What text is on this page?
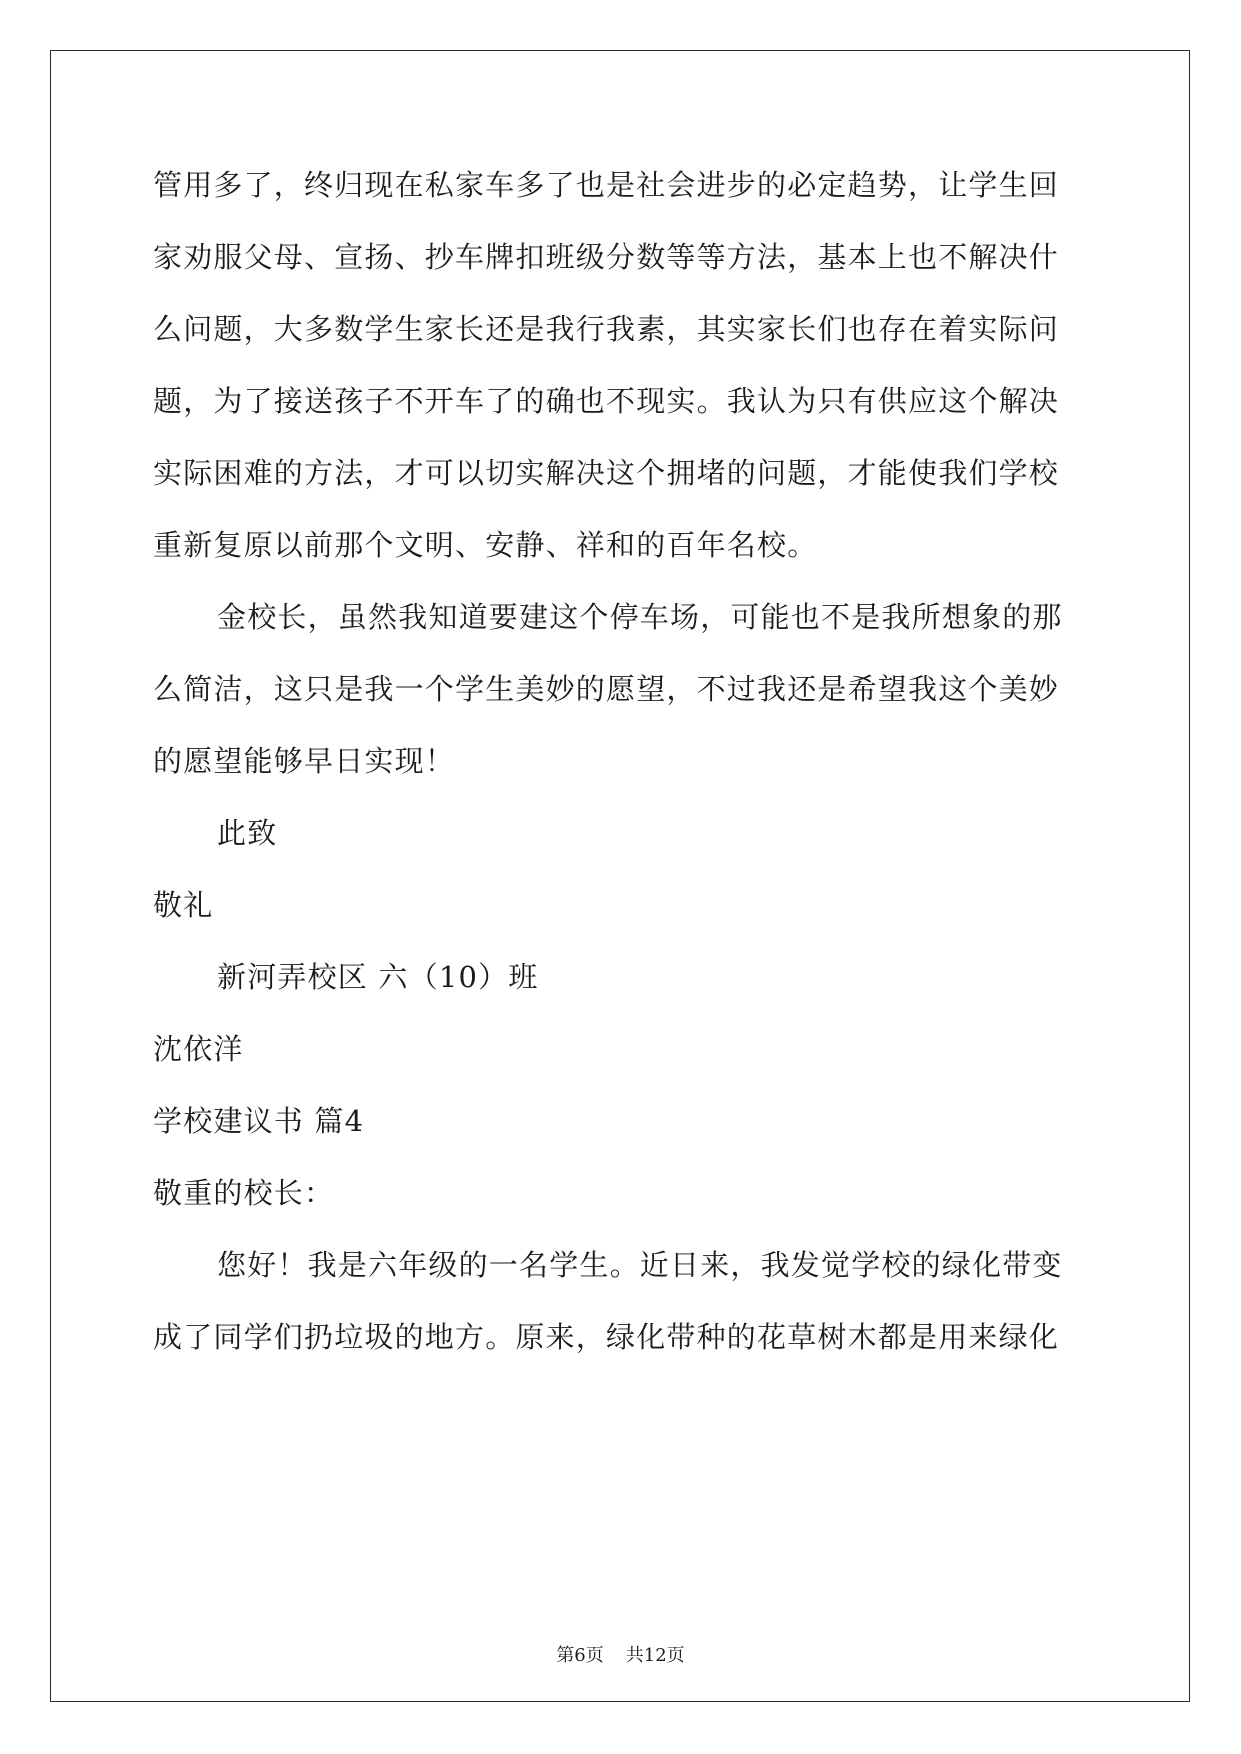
管用多了，终归现在私家车多了也是社会进步的必定趋势，让学生回
家劝服父母、宣扬、抄车牌扣班级分数等等方法，基本上也不解决什
么问题，大多数学生家长还是我行我素，其实家长们也存在着实际问
题，为了接送孩子不开车了的确也不现实。我认为只有供应这个解决
实际困难的方法，才可以切实解决这个拥堵的问题，才能使我们学校
重新复原以前那个文明、安静、祥和的百年名校。
金校长，虽然我知道要建这个停车场，可能也不是我所想象的那
么简洁，这只是我一个学生美妙的愿望，不过我还是希望我这个美妙
的愿望能够早日实现！
此致
敬礼
新河弄校区 六（10）班
沈依洋
学校建议书 篇4
敬重的校长：
您好！我是六年级的一名学生。近日来，我发觉学校的绿化带变
成了同学们扔垃圾的地方。原来，绿化带种的花草树木都是用来绿化
第6页 共12页
